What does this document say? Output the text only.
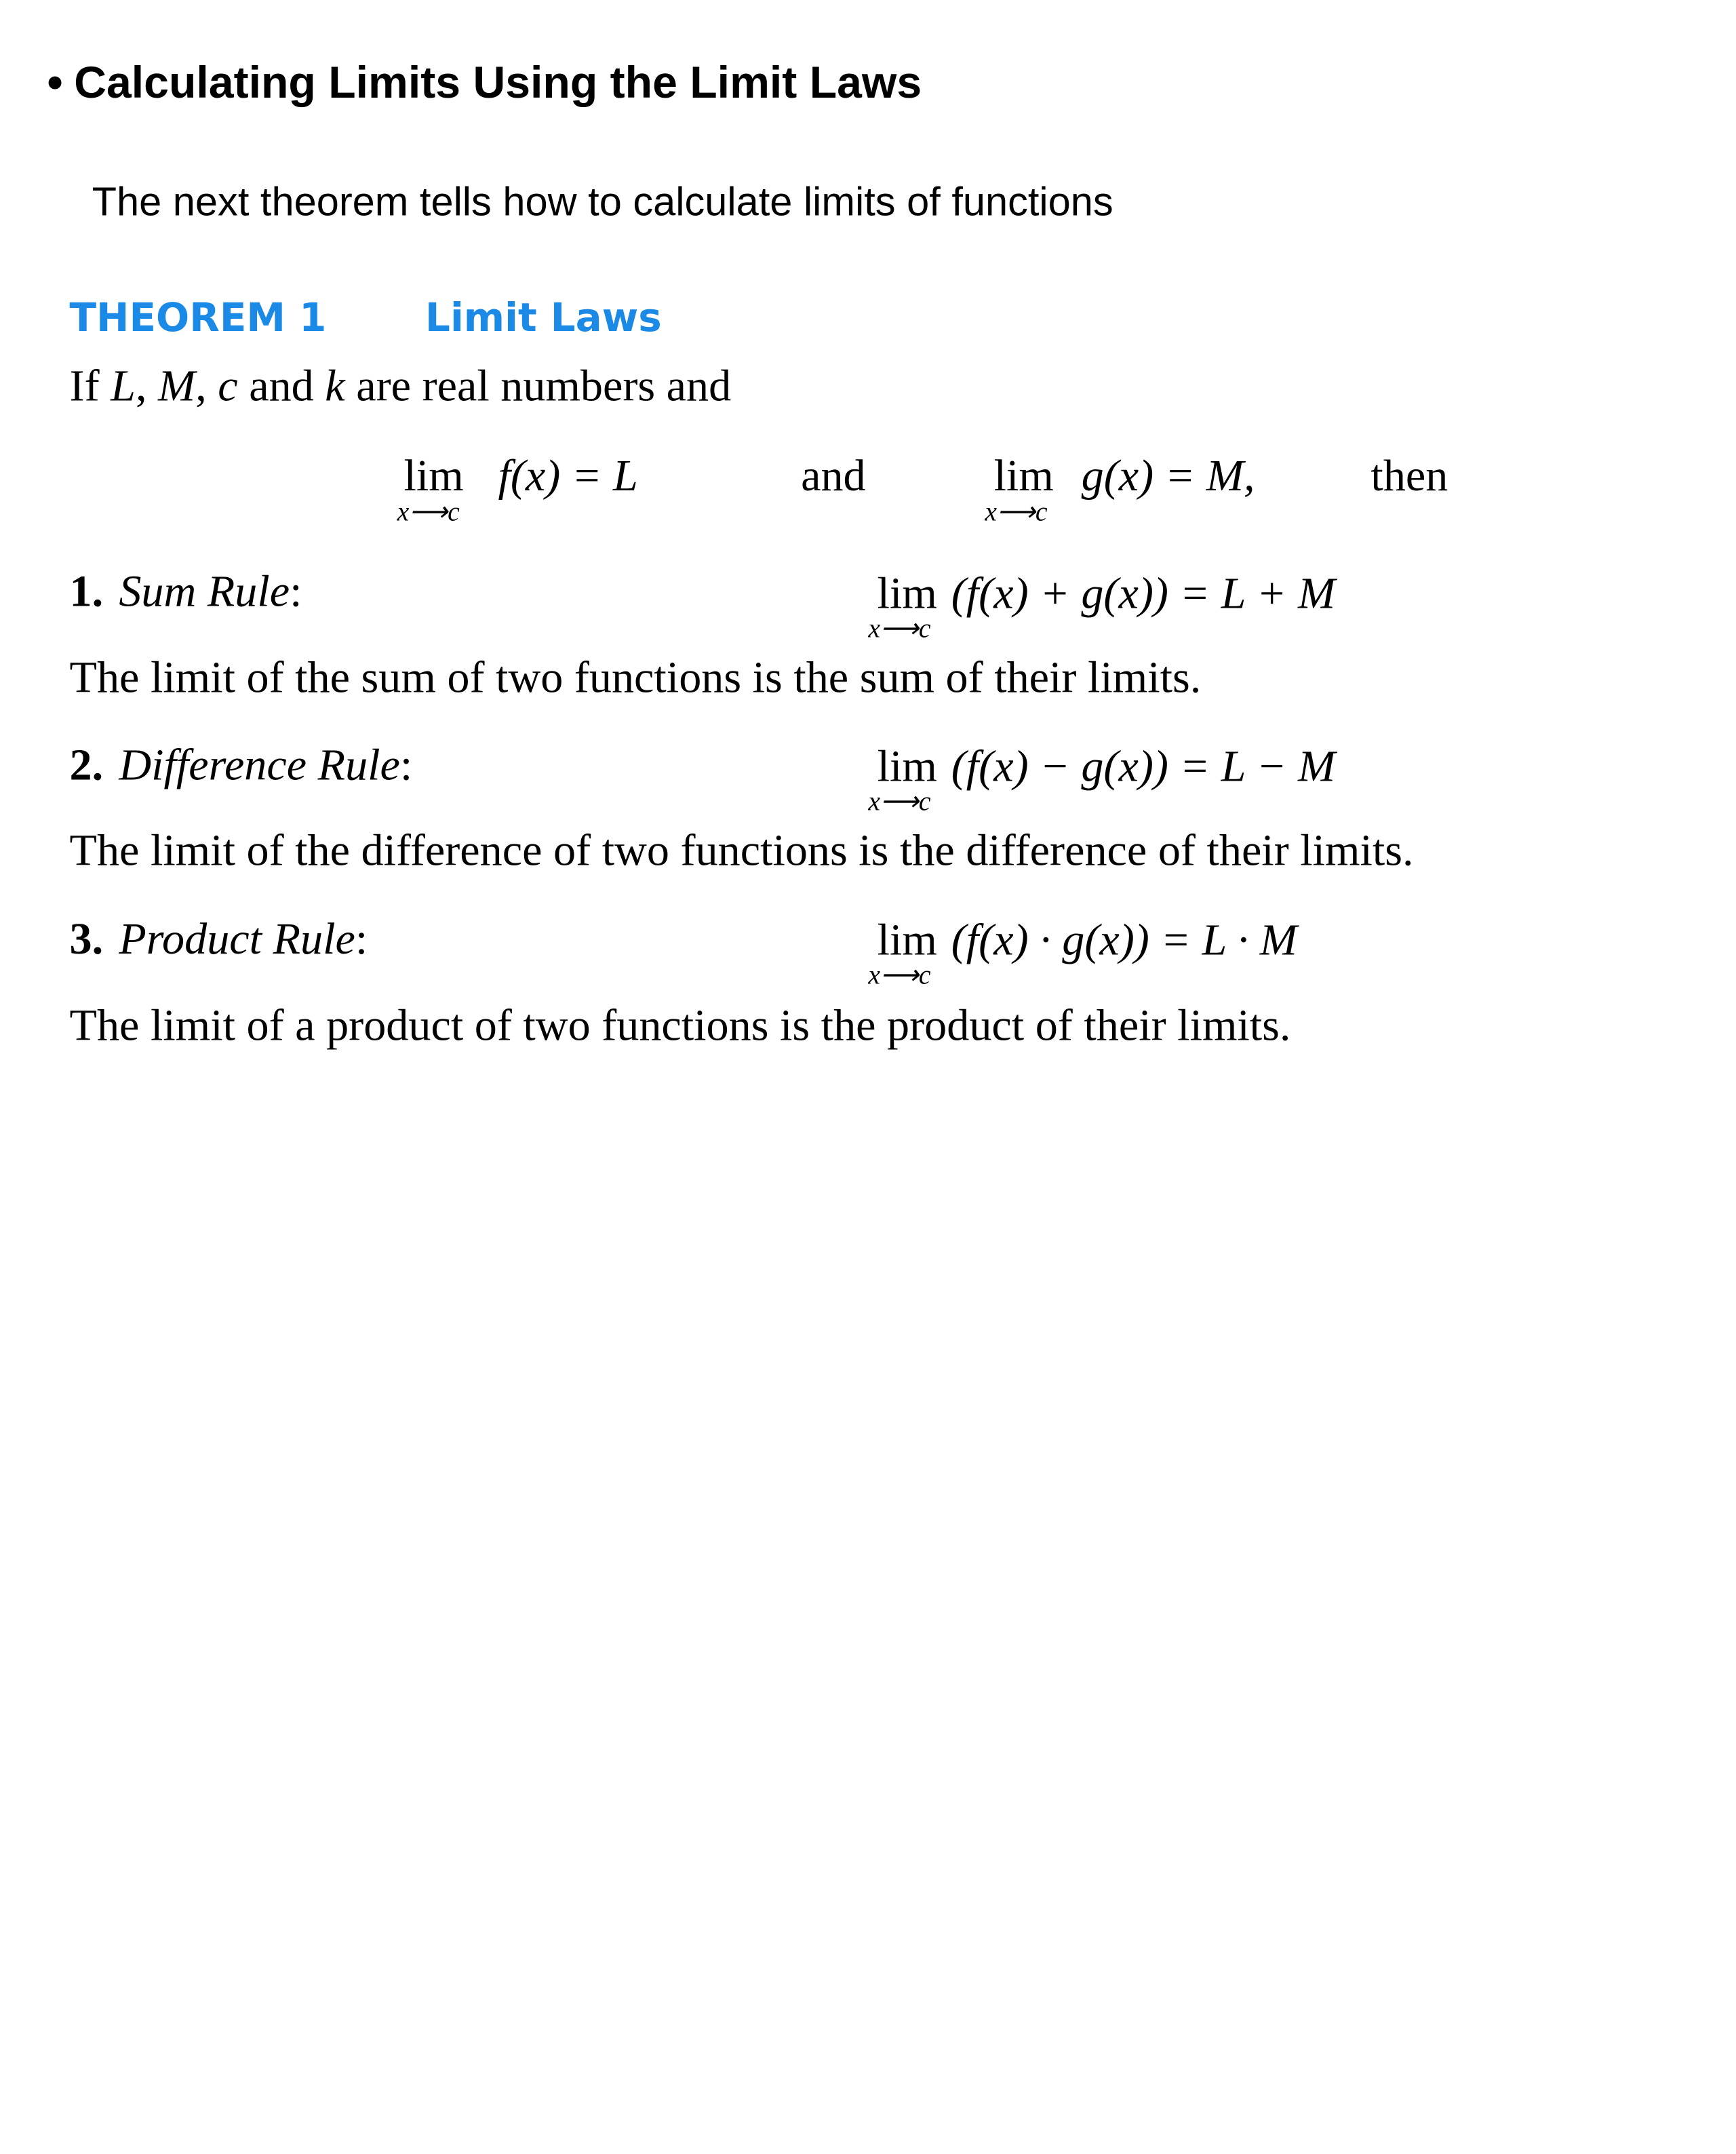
• Calculating Limits Using the Limit Laws
The next theorem tells how to calculate limits of functions
THEOREM 1	Limit Laws
If L, M, c and k are real numbers and
lim
x⟶c
f(x) = L	and	lim
x⟶c
g(x) = M,	then
1. Sum Rule:	lim
x⟶c
(f(x) + g(x)) = L + M
The limit of the sum of two functions is the sum of their limits.
2. Difference Rule:	lim
x⟶c
(f(x) − g(x)) = L − M
The limit of the difference of two functions is the difference of their limits.
3. Product Rule:	lim
x⟶c
(f(x) · g(x)) = L · M
The limit of a product of two functions is the product of their limits.
